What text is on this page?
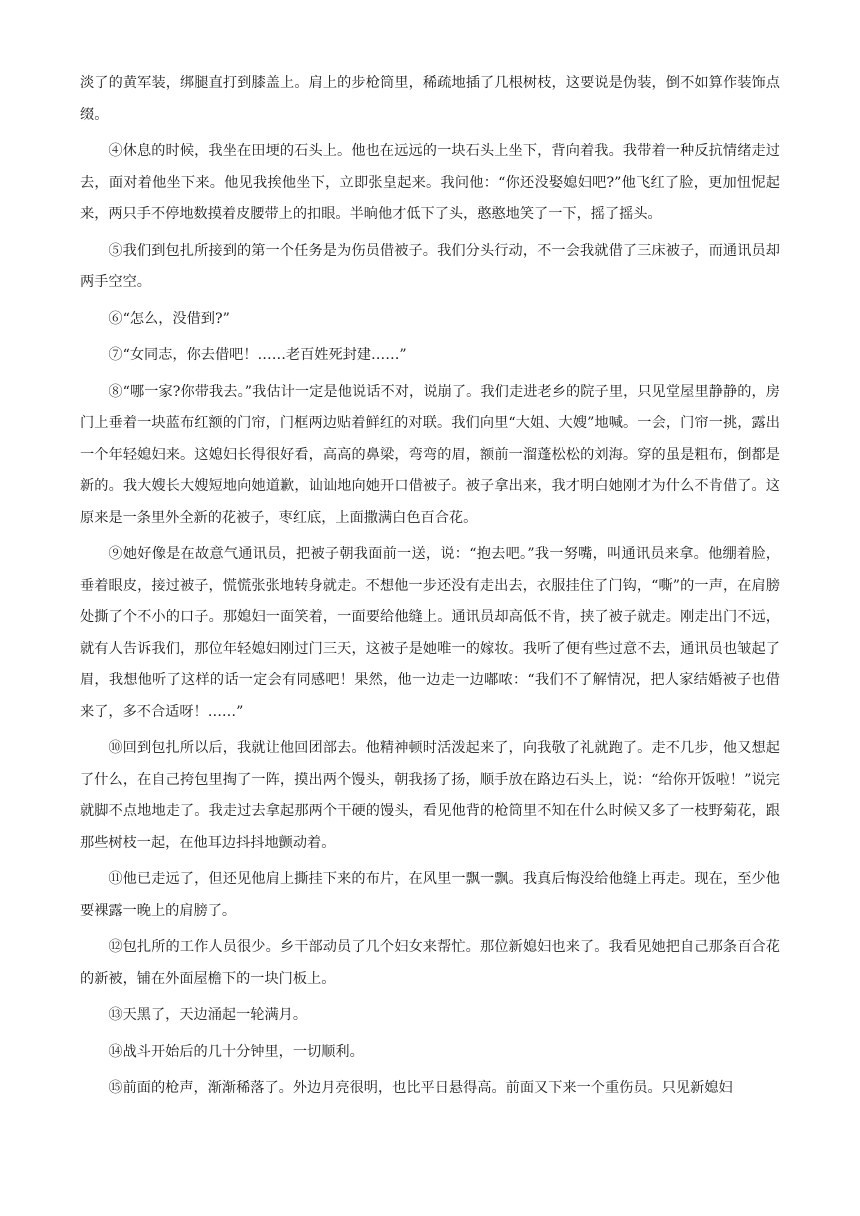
淡了的黄军装，绑腿直打到膝盖上。肩上的步枪筒里，稀疏地插了几根树枝，这要说是伪装，倒不如算作装饰点缀。

④休息的时候，我坐在田埂的石头上。他也在远远的一块石头上坐下，背向着我。我带着一种反抗情绪走过去，面对着他坐下来。他见我挨他坐下，立即张皇起来。我问他：“你还没娶媳妇吧?”他飞红了脸，更加忸怩起来，两只手不停地数摸着皮腰带上的扣眼。半晌他才低下了头，憨憨地笑了一下，摇了摇头。

⑤我们到包扎所接到的第一个任务是为伤员借被子。我们分头行动，不一会我就借了三床被子，而通讯员却两手空空。

⑥“怎么，没借到?”

⑦“女同志，你去借吧！……老百姓死封建……”

⑧“哪一家?你带我去。”我估计一定是他说话不对，说崩了。我们走进老乡的院子里，只见堂屋里静静的，房门上垂着一块蓝布红额的门帘，门框两边贴着鲜红的对联。我们向里“大姐、大嫂”地喊。一会，门帘一挑，露出一个年轻媳妇来。这媳妇长得很好看，高高的鼻梁，弯弯的眉，额前一溜蓬松松的刘海。穿的虽是粗布，倒都是新的。我大嫂长大嫂短地向她道歉，讪讪地向她开口借被子。被子拿出来，我才明白她刚才为什么不肯借了。这原来是一条里外全新的花被子，枣红底，上面撒满白色百合花。

⑨她好像是在故意气通讯员，把被子朝我面前一送，说：“抱去吧。”我一努嘴，叫通讯员来拿。他绷着脸，垂着眼皮，接过被子，慌慌张张地转身就走。不想他一步还没有走出去，衣服挂住了门钩，“嘶”的一声，在肩膀处撕了个不小的口子。那媳妇一面笑着，一面要给他缝上。通讯员却高低不肯，挟了被子就走。刚走出门不远，就有人告诉我们，那位年轻媳妇刚过门三天，这被子是她唯一的嫁妆。我听了便有些过意不去，通讯员也皱起了眉，我想他听了这样的话一定会有同感吧！果然，他一边走一边嘟哝：“我们不了解情况，把人家结婚被子也借来了，多不合适呀！……”

⑩回到包扎所以后，我就让他回团部去。他精神顿时活泼起来了，向我敬了礼就跑了。走不几步，他又想起了什么，在自己挎包里掏了一阵，摸出两个馒头，朝我扬了扬，顺手放在路边石头上，说：“给你开饭啦！”说完就脚不点地地走了。我走过去拿起那两个干硬的馒头，看见他背的枪筒里不知在什么时候又多了一枝野菊花，跟那些树枝一起，在他耳边抖抖地颤动着。

⑪他已走远了，但还见他肩上撕挂下来的布片，在风里一飘一飘。我真后悔没给他缝上再走。现在，至少他要裸露一晚上的肩膀了。

⑫包扎所的工作人员很少。乡干部动员了几个妇女来帮忙。那位新媳妇也来了。我看见她把自己那条百合花的新被，铺在外面屋檐下的一块门板上。

⑬天黑了，天边涌起一轮满月。

⑭战斗开始后的几十分钟里，一切顺利。

⑮前面的枪声，渐渐稀落了。外边月亮很明，也比平日悬得高。前面又下来一个重伤员。只见新媳妇
